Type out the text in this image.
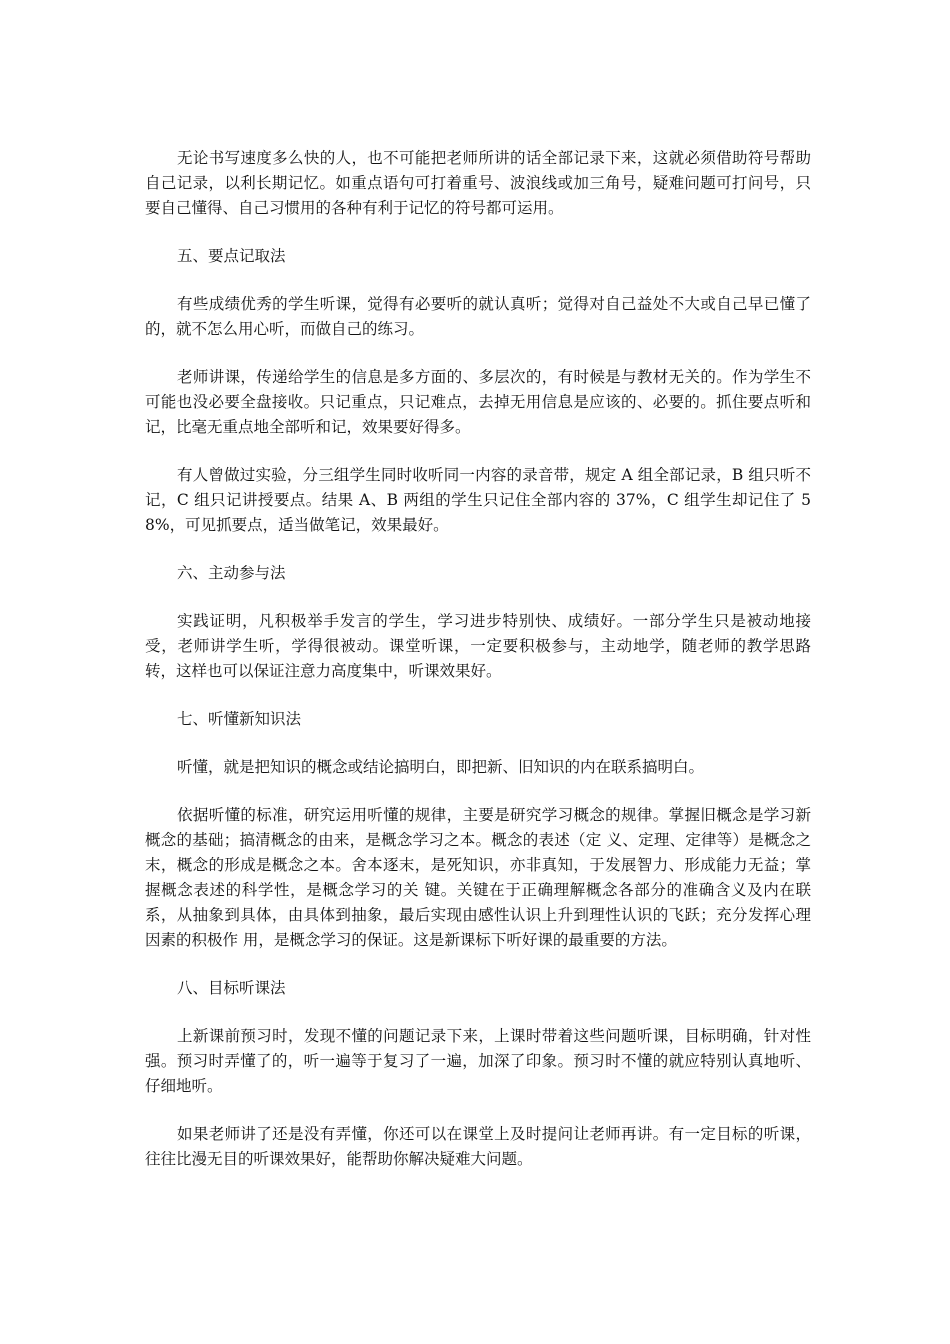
无论书写速度多么快的人，也不可能把老师所讲的话全部记录下来，这就必须借助符号帮助自己记录，以利长期记忆。如重点语句可打着重号、波浪线或加三角号，疑难问题可打问号，只要自己懂得、自己习惯用的各种有利于记忆的符号都可运用。

五、要点记取法

有些成绩优秀的学生听课，觉得有必要听的就认真听；觉得对自己益处不大或自己早已懂了的，就不怎么用心听，而做自己的练习。

老师讲课，传递给学生的信息是多方面的、多层次的，有时候是与教材无关的。作为学生不可能也没必要全盘接收。只记重点，只记难点，去掉无用信息是应该的、必要的。抓住要点听和记，比毫无重点地全部听和记，效果要好得多。

有人曾做过实验，分三组学生同时收听同一内容的录音带，规定 A 组全部记录，B 组只听不记，C 组只记讲授要点。结果 A、B 两组的学生只记住全部内容的 37%，C 组学生却记住了 58%，可见抓要点，适当做笔记，效果最好。

六、主动参与法

实践证明，凡积极举手发言的学生，学习进步特别快、成绩好。一部分学生只是被动地接受，老师讲学生听，学得很被动。课堂听课，一定要积极参与，主动地学，随老师的教学思路转，这样也可以保证注意力高度集中，听课效果好。

七、听懂新知识法

听懂，就是把知识的概念或结论搞明白，即把新、旧知识的内在联系搞明白。

依据听懂的标准，研究运用听懂的规律，主要是研究学习概念的规律。掌握旧概念是学习新概念的基础；搞清概念的由来，是概念学习之本。概念的表述（定 义、定理、定律等）是概念之末，概念的形成是概念之本。舍本逐末，是死知识，亦非真知，于发展智力、形成能力无益；掌握概念表述的科学性，是概念学习的关 键。关键在于正确理解概念各部分的准确含义及内在联系，从抽象到具体，由具体到抽象，最后实现由感性认识上升到理性认识的飞跃；充分发挥心理因素的积极作 用，是概念学习的保证。这是新课标下听好课的最重要的方法。

八、目标听课法

上新课前预习时，发现不懂的问题记录下来，上课时带着这些问题听课，目标明确，针对性强。预习时弄懂了的，听一遍等于复习了一遍，加深了印象。预习时不懂的就应特别认真地听、仔细地听。

如果老师讲了还是没有弄懂，你还可以在课堂上及时提问让老师再讲。有一定目标的听课，往往比漫无目的听课效果好，能帮助你解决疑难大问题。
